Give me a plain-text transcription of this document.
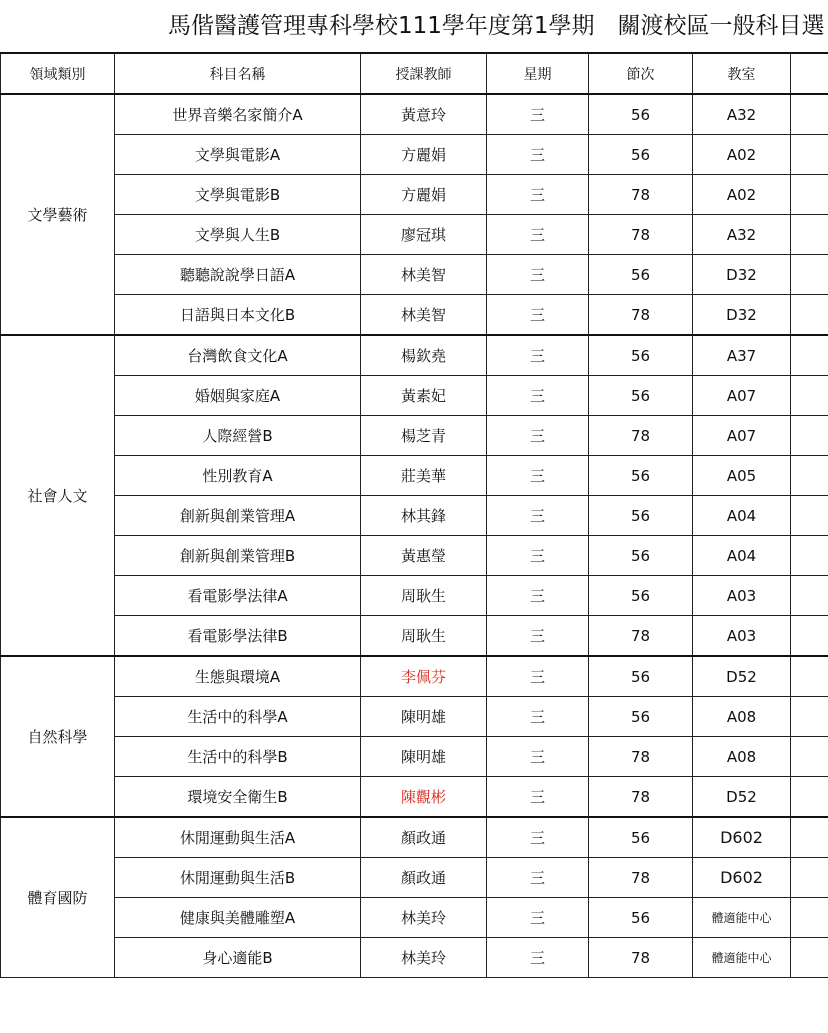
馬偕醫護管理專科學校111學年度第1學期　關渡校區一般科目選
領域類別	科目名稱	授課教師	星期	節次	教室	
文學藝術	世界音樂名家簡介A	黃意玲	三	56	A32	
	文學與電影A	方麗娟	三	56	A02	
	文學與電影B	方麗娟	三	78	A02	
	文學與人生B	廖冠琪	三	78	A32	
	聽聽說說學日語A	林美智	三	56	D32	
	日語與日本文化B	林美智	三	78	D32	
社會人文	台灣飲食文化A	楊欽堯	三	56	A37	
	婚姻與家庭A	黃素妃	三	56	A07	
	人際經營B	楊芝青	三	78	A07	
	性別教育A	莊美華	三	56	A05	
	創新與創業管理A	林其鋒	三	56	A04	
	創新與創業管理B	黃惠瑩	三	56	A04	
	看電影學法律A	周耿生	三	56	A03	
	看電影學法律B	周耿生	三	78	A03	
自然科學	生態與環境A	李佩芬	三	56	D52	
	生活中的科學A	陳明雄	三	56	A08	
	生活中的科學B	陳明雄	三	78	A08	
	環境安全衛生B	陳觀彬	三	78	D52	
體育國防	休閒運動與生活A	顏政通	三	56	D602	
	休閒運動與生活B	顏政通	三	78	D602	
	健康與美體雕塑A	林美玲	三	56	體適能中心	
	身心適能B	林美玲	三	78	體適能中心	
